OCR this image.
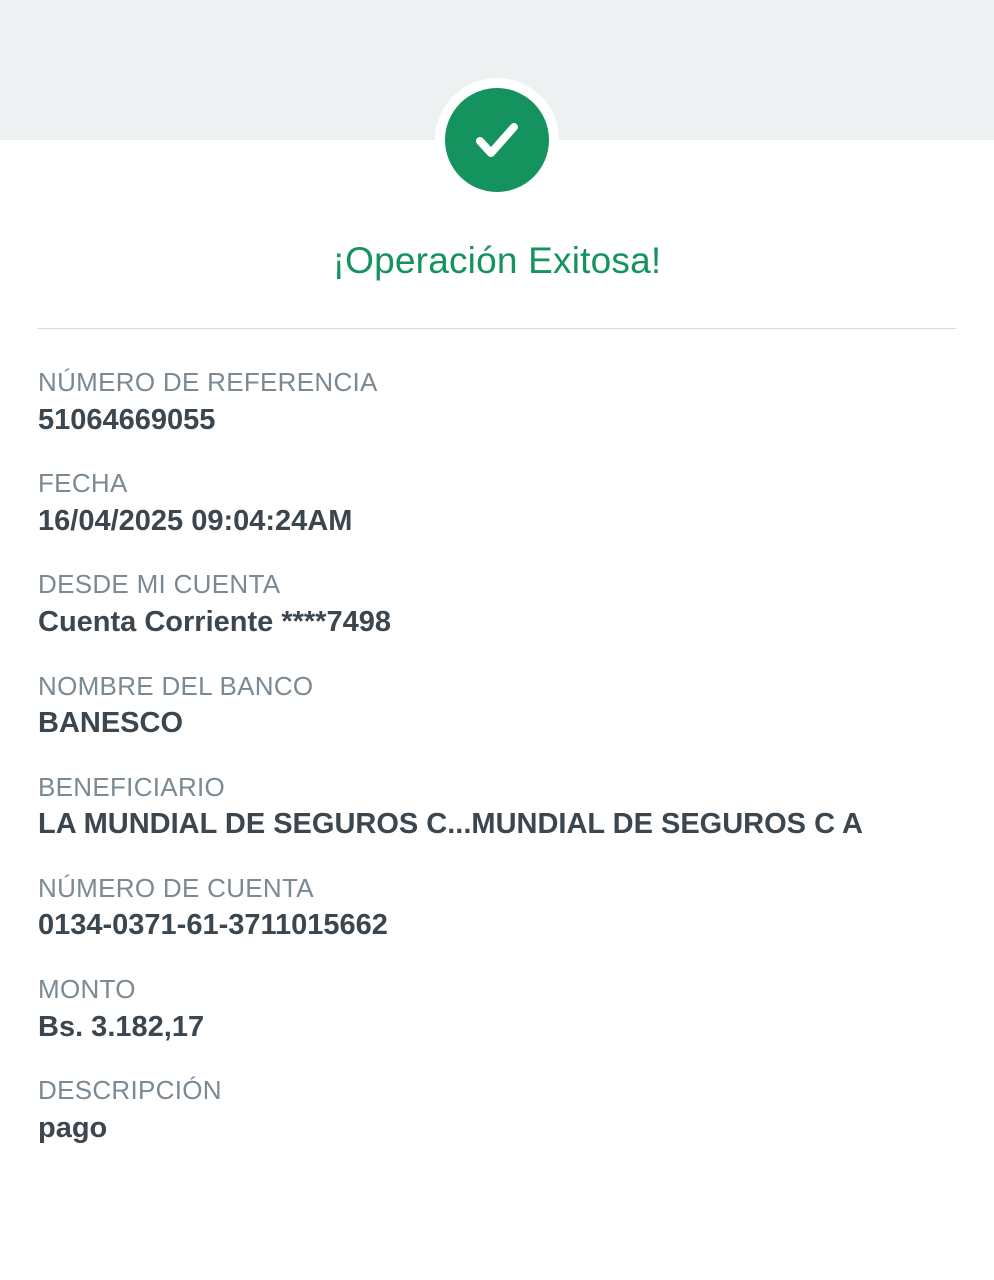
¡Operación Exitosa!
NÚMERO DE REFERENCIA
51064669055
FECHA
16/04/2025 09:04:24AM
DESDE MI CUENTA
Cuenta Corriente ****7498
NOMBRE DEL BANCO
BANESCO
BENEFICIARIO
LA MUNDIAL DE SEGUROS C...MUNDIAL DE SEGUROS C A
NÚMERO DE CUENTA
0134-0371-61-3711015662
MONTO
Bs. 3.182,17
DESCRIPCIÓN
pago
